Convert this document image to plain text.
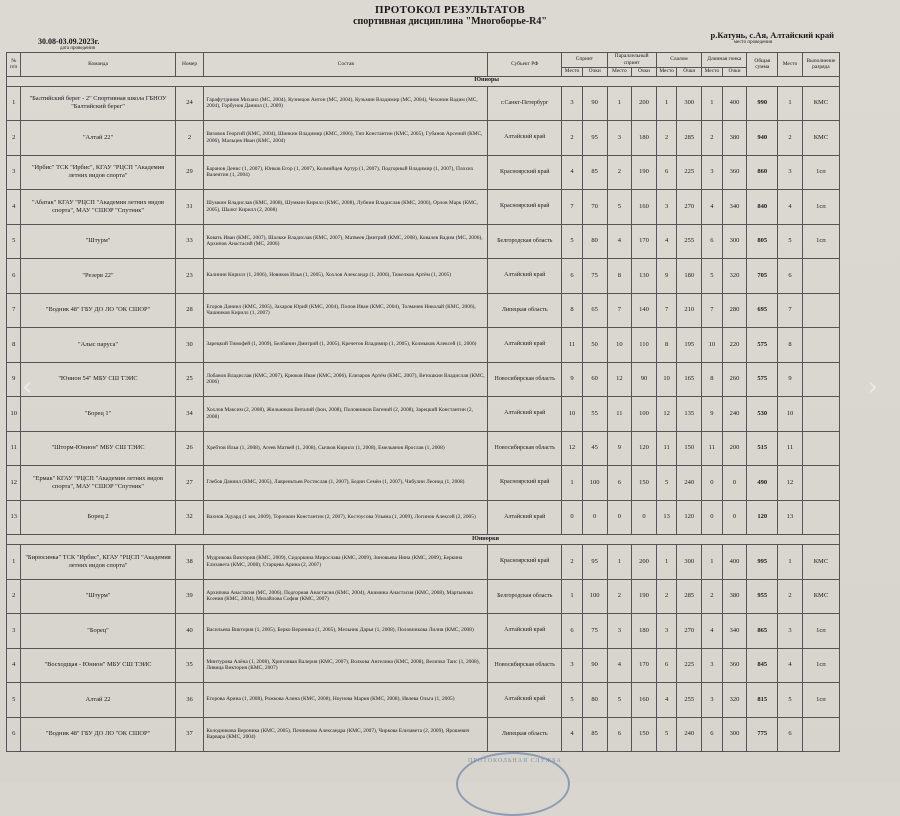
ПРОТОКОЛ РЕЗУЛЬТАТОВ
спортивная дисциплина "Многоборье-R4"
30.08-03.09.2023г.
дата проведения
р.Катунь, с.Ая, Алтайский край
место проведения
№ п/п	Команда	Номер	Состав	Субъект РФ	Спринт		Параллельный спринт		Слалом		Длинная гонка		Общая сумма	Место	Выполнение разряда
					Место	Очки	Место	Очки	Место	Очки	Место	Очки			
Юниоры															
1	"Балтийский берег - 2" Спортивная школа ГБНОУ "Балтийский берег"	24	Гарафутдинов Михаил (МС, 2004), Кузнецов Антон (МС, 2004), Кузьмин Владимир (МС, 2004), Чехонин Вадим (МС, 2004), Горбунов Даниил (1, 2009)	г.Санкт-Петербург	3	90	1	200	1	300	1	400	990	1	КМС
2	"Алтай 22"	2	Вязовов Георгий (КМС, 2004), Шинкин Владимир (КМС, 2006), Тип Константин (КМС, 2005), Губанов Арсений (КМС, 2006), Мальцев Иван (КМС, 2004)	Алтайский край	2	95	3	180	2	285	2	380	940	2	КМС
3	"Ирбис" ТСК "Ирбис", КГАУ "РЦСП "Академия летних видов спорта"	29	Баранов Денис (1, 2007), Юнков Егор (1, 2007), Колмийцев Артур (1, 2007), Подгорный Владимир (1, 2007), Плохих Валентин (1, 2004)	Красноярский край	4	85	2	190	6	225	3	360	860	3	1сп
4	"Абатак" КГАУ "РЦСП "Академия летних видов спорта", МАУ "СШОР "Спутник"	31	Шумкин Владислав (КМС, 2008), Шумкин Кирилл (КМС, 2008), Лубнин Владислав (КМС, 2006), Орлов Марк (КМС, 2005), Шалкт Кирилл (2, 2008)	Красноярский край	7	70	5	160	3	270	4	340	840	4	1сп
5	"Штурм"	33	Ковать Иван (КМС, 2007), Шалкке Владислав (КМС, 2007), Матвеев Дмитрий (КМС, 2008), Ковалев Вадим (МС, 2006), Архипов Анастасий (МС, 2006)	Белгородская область	5	80	4	170	4	255	6	300	805	5	1сп
6	"Резерв 22"	23	Калинин Кирилл (1, 2006), Новиков Илья (1, 2005), Хохлов Александр (1, 2006), Тяжелков Артём (1, 2005)	Алтайский край	6	75	8	130	9	180	5	320	705	6	
7	"Водник 48" ГБУ ДО ЛО "ОК СШОР"	28	Егоров Даниил (КМС, 2005), Захаров Юрий (КМС, 2004), Попов Иван (КМС, 2004), Толмачев Николай (КМС, 2006), Чашников Кирилл (1, 2007)	Липецкая область	8	65	7	140	7	210	7	280	695	7	
8	"Алыс паруса"	30	Зарецкий Тимофей (1, 2009), Белбанин Дмитрий (1, 2005), Кречетов Владимир (1, 2005), Колмыков Алексей (1, 2006)	Алтайский край	11	50	10	110	8	195	10	220	575	8	
9	"Юнион 54" МБУ СШ ТЭИС	25	Лобанов Владислав (КМС, 2007), Крюков Иван (КМС, 2006), Елизаров Артём (КМС, 2007), Ветошкин Владислав (КМС, 2006)	Новосибирская область	9	60	12	90	10	165	8	260	575	9	
10	"Борец 1"	34	Хохлов Максим (2, 2008), Жильников Виталий (Iюн, 2008), Половников Евгений (2, 2008), Зарецкий Константин (2, 2008)	Алтайский край	10	55	11	100	12	135	9	240	530	10	
11	"Шторм-Юнион" МБУ СШ ТЭИС	26	Хребтов Илья (1, 2008), Агеев Матвей (1, 2008), Сычков Кирилл (1, 2008), Емельянов Ярослав (1, 2008)	Новосибирская область	12	45	9	120	11	150	11	200	515	11	
12	"Ермак" КГАУ "РЦСП "Академия летних видов спорта", МАУ "СШОР "Спутник"	27	Глебов Даниил (КМС, 2005), Лавреньтьев Ростислав (1, 2007), Бедин Семён (1, 2007), Чибулин Леонид (1, 2008)	Красноярский край	1	100	6	150	5	240	0	0	490	12	
13	Борец 2	32	Вахнов Эдуард (1 юн, 2009), Торочкин Константин (2, 2007), Костоусова Ульяна (1, 2009), Логинов Алексей (2, 2005)	Алтайский край	0	0	0	0	13	120	0	0	120	13	
Юниорки															
1	"Бирюсинка" ТСК "Ирбис", КГАУ "РЦСП "Академия летних видов спорта"	38	Мудрикова Виктория (КМС, 2009), Сидоркина Мирослава (КМС, 2009), Зиновьева Нина (КМС, 2009), Беркина Елизавета (КМС, 2008), Старцева Арина (2, 2007)	Красноярский край	2	95	1	200	1	300	1	400	995	1	КМС
2	"Штурм"	39	Архипова Анастасия (МС, 2006), Подгорная Анастасия (КМС, 2004), Акимина Анастасия (КМС, 2008), Мартынова Ксения (КМС, 2004), Михайлова София (КМС, 2007)	Белгородская область	1	100	2	190	2	285	2	380	955	2	КМС
3	"Борец"	40	Васильева Виктория (1, 2005), Берко Вероника (1, 2005), Мельник Дарья (1, 2008), Половникова Лилия (КМС, 2008)	Алтайский край	6	75	3	180	3	270	4	340	865	3	1сп
4	"Восходщая - Юнион" МБУ СШ ТЭИС	35	Минтурова Алёна (1, 2008), Хрипливая Валерия (КМС, 2007), Волкова Ангелина (КМС, 2008), Величко Таис (1, 2008), Ливица Виктория (КМС, 2007)	Новосибирская область	3	90	4	170	6	225	3	360	845	4	1сп
5	Алтай 22	36	Егорова Арина (1, 2008), Рожкова Алина (КМС, 2008), Ноунова Мария (КМС, 2008), Ивлева Ольга (1, 2005)	Алтайский край	5	80	5	160	4	255	3	320	815	5	1сп
6	"Водник 48" ГБУ ДО ЛО "ОК СШОР"	37	Колодникова Вероника (КМС, 2005), Печникова Александра (КМС, 2007), Чиркова Елизавета (2, 2009), Ярошевич Варвара (КМС, 2004)	Липецкая область	4	85	6	150	5	240	6	300	775	6	
ПРОТОКОЛЬНАЯ СЛУЖБА
‹	›
